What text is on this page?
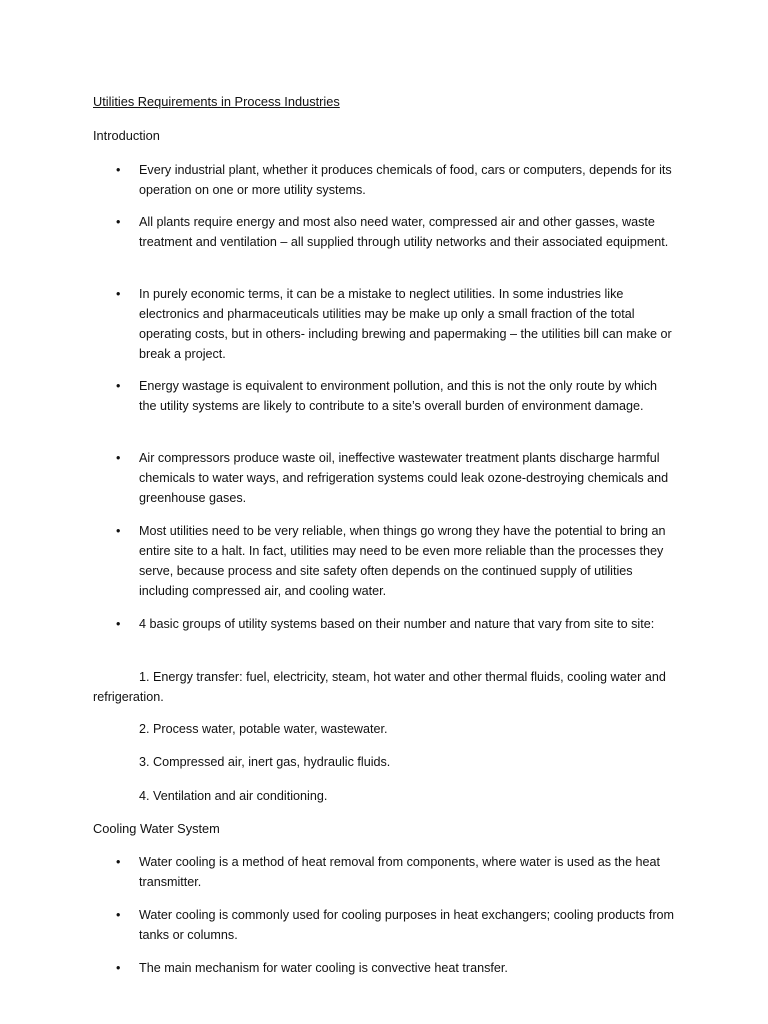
Utilities Requirements in Process Industries
Introduction
•	Every industrial plant, whether it produces chemicals of food, cars or computers, depends for its operation on one or more utility systems.
•	All plants require energy and most also need water, compressed air and other gasses, waste treatment and ventilation – all supplied through utility networks and their associated equipment.
•	In purely economic terms, it can be a mistake to neglect utilities. In some industries like electronics and pharmaceuticals utilities may be make up only a small fraction of the total operating costs, but in others- including brewing and papermaking – the utilities bill can make or break a project.
•	Energy wastage is equivalent to environment pollution, and this is not the only route by which the utility systems are likely to contribute to a site’s overall burden of environment damage.
•	Air compressors produce waste oil, ineffective wastewater treatment plants discharge harmful chemicals to water ways, and refrigeration systems could leak ozone-destroying chemicals and greenhouse gases.
•	Most utilities need to be very reliable, when things go wrong they have the potential to bring an entire site to a halt. In fact, utilities may need to be even more reliable than the processes they serve, because process and site safety often depends on the continued supply of utilities including compressed air, and cooling water.
•	4 basic groups of utility systems based on their number and nature that vary from site to site:
1. Energy transfer: fuel, electricity, steam, hot water and other thermal fluids, cooling water and refrigeration.
2. Process water, potable water, wastewater.
3. Compressed air, inert gas, hydraulic fluids.
4. Ventilation and air conditioning.
Cooling Water System
•	Water cooling is a method of heat removal from components, where water is used as the heat transmitter.
•	Water cooling is commonly used for cooling purposes in heat exchangers; cooling products from tanks or columns.
•	The main mechanism for water cooling is convective heat transfer.
